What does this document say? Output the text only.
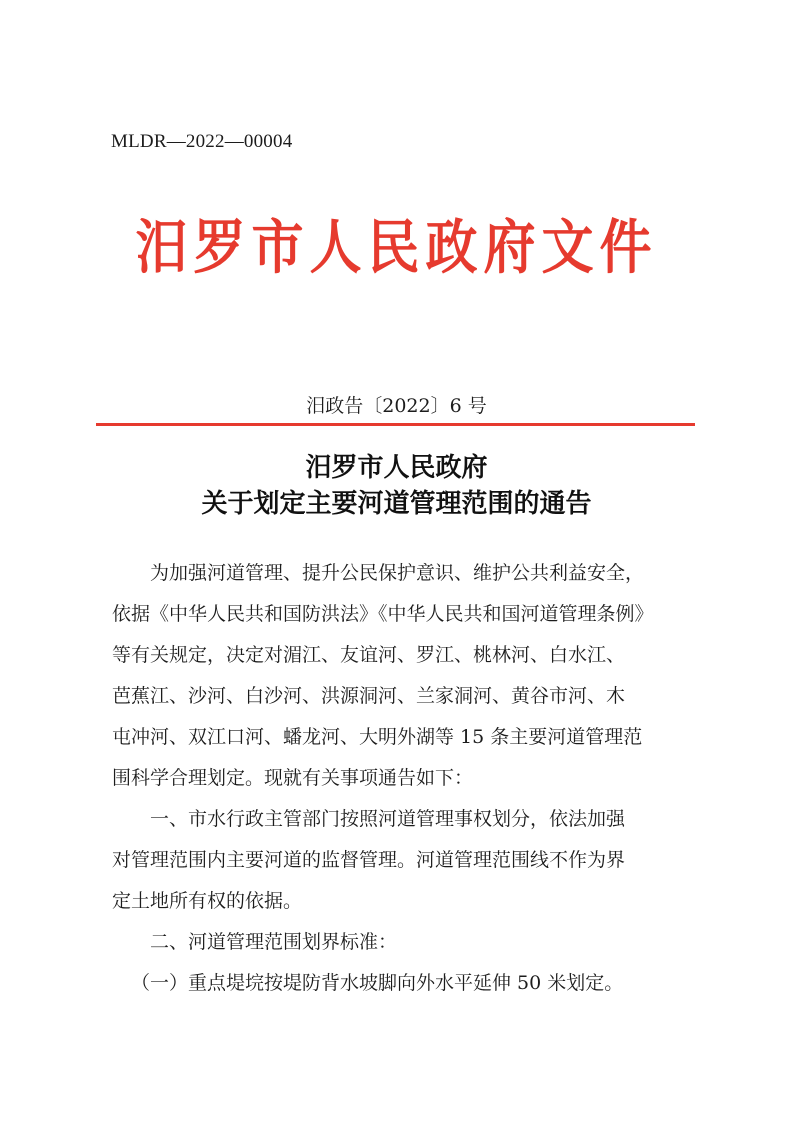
MLDR—2022—00004
汨罗市人民政府文件
汨政告〔2022〕6 号
汨罗市人民政府
关于划定主要河道管理范围的通告

为加强河道管理、提升公民保护意识、维护公共利益安全，
依据《中华人民共和国防洪法》《中华人民共和国河道管理条例》
等有关规定，决定对湄江、友谊河、罗江、桃林河、白水江、
芭蕉江、沙河、白沙河、洪源洞河、兰家洞河、黄谷市河、木
屯冲河、双江口河、蟠龙河、大明外湖等 15 条主要河道管理范
围科学合理划定。现就有关事项通告如下：

一、市水行政主管部门按照河道管理事权划分，依法加强
对管理范围内主要河道的监督管理。河道管理范围线不作为界
定土地所有权的依据。

二、河道管理范围划界标准：

（一）重点堤垸按堤防背水坡脚向外水平延伸 50 米划定。
